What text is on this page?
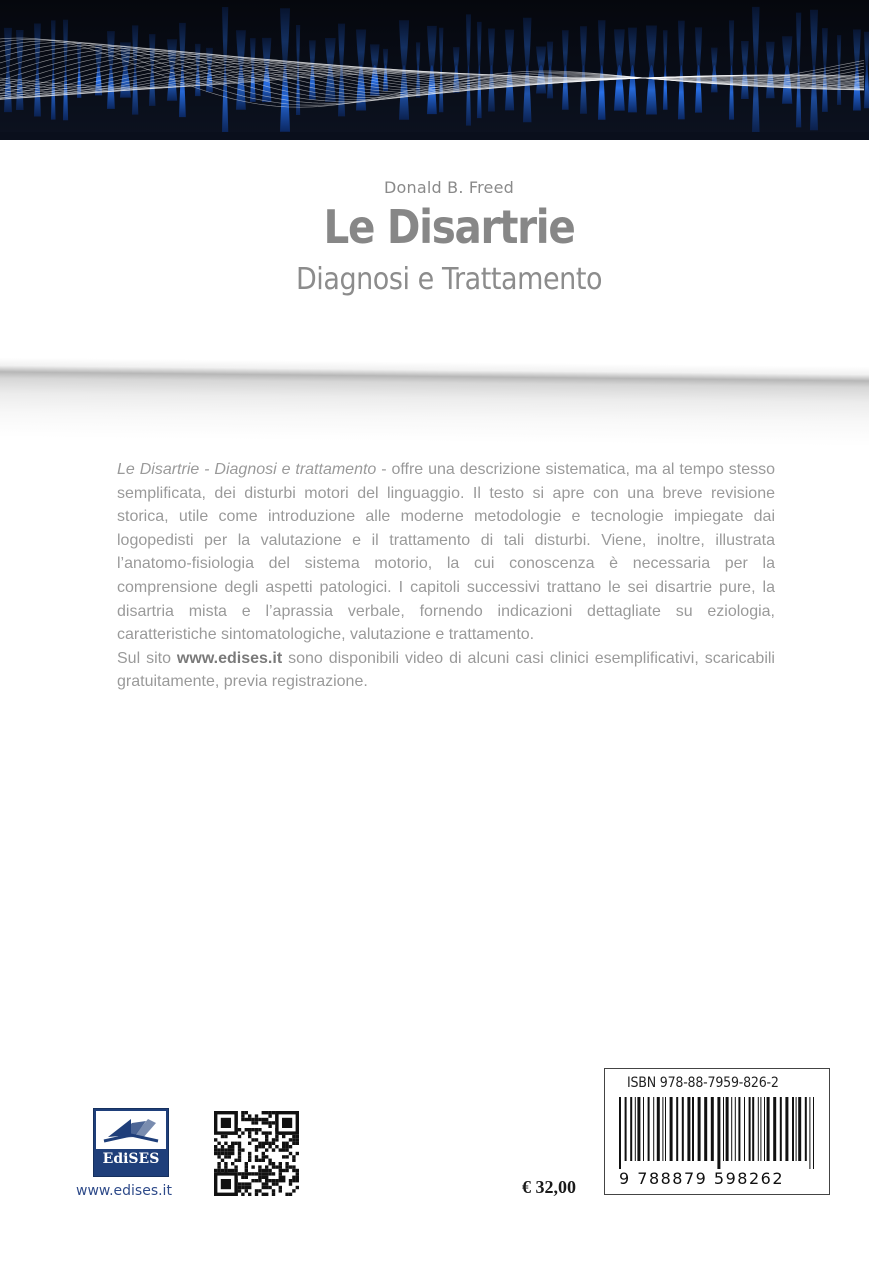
Donald B. Freed
Le Disartrie
Diagnosi e Trattamento

Le Disartrie - Diagnosi e trattamento - offre una descrizione sistematica, ma al tempo stesso semplificata, dei disturbi motori del linguaggio. Il testo si apre con una breve revisione storica, utile come introduzione alle moderne metodologie e tecnologie impiegate dai logopedisti per la valutazione e il trattamento di tali disturbi. Viene, inoltre, illustrata l’anatomo-fisiologia del sistema motorio, la cui conoscenza è necessaria per la comprensione degli aspetti patologici. I capitoli successivi trattano le sei disartrie pure, la disartria mista e l’aprassia verbale, fornendo indicazioni dettagliate su eziologia, caratteristiche sintomatologiche, valutazione e trattamento.

Sul sito www.edises.it sono disponibili video di alcuni casi clinici esemplificativi, scaricabili gratuitamente, previa registrazione.

EdiSES
www.edises.it	€ 32,00
ISBN 978-88-7959-826-2
9 788879 598262
